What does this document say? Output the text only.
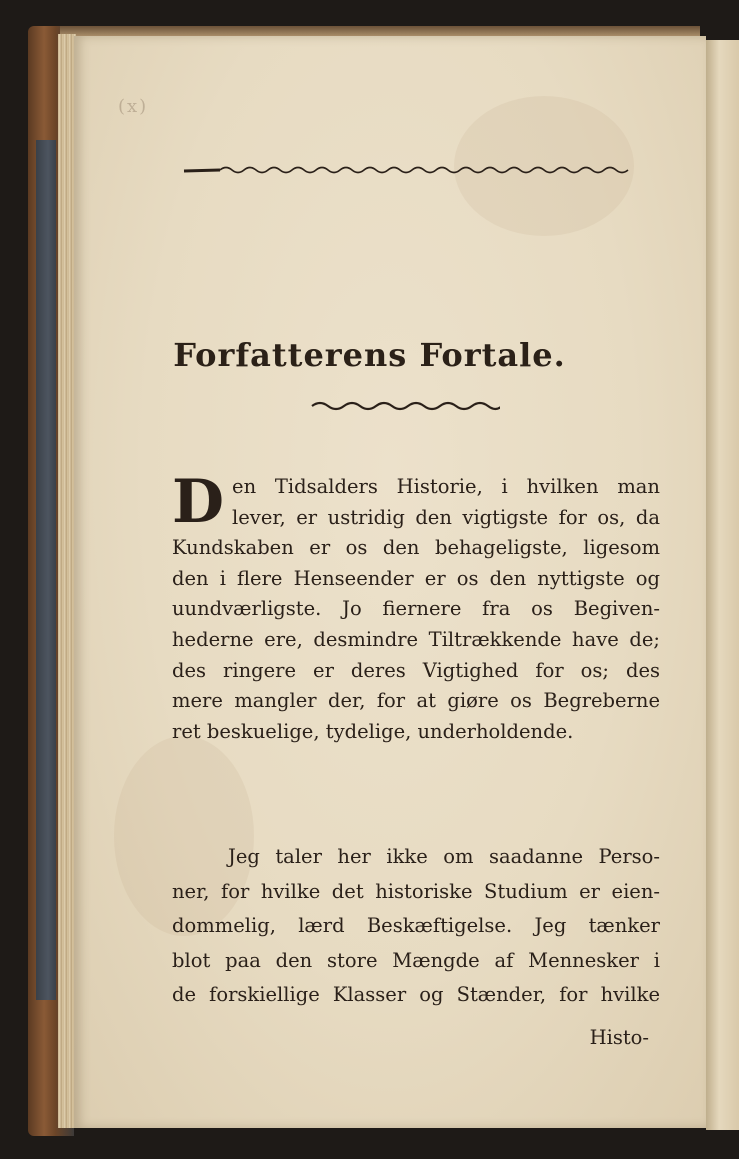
(x)
Forfatterens Fortale.
D en Tidsalders Historie, i hvilken man
lever, er ustridig den vigtigste for os, da
Kundskaben er os den behageligste, ligesom
den i flere Henseender er os den nyttigste og
uundværligste. Jo fiernere fra os Begiven-
hederne ere, desmindre Tiltrækkende have de;
des ringere er deres Vigtighed for os; des
mere mangler der, for at giøre os Begreberne
ret beskuelige, tydelige, underholdende.
Jeg taler her ikke om saadanne Perso-
ner, for hvilke det historiske Studium er eien-
dommelig, lærd Beskæftigelse. Jeg tænker
blot paa den store Mængde af Mennesker i
de forskiellige Klasser og Stænder, for hvilke
Histo-
